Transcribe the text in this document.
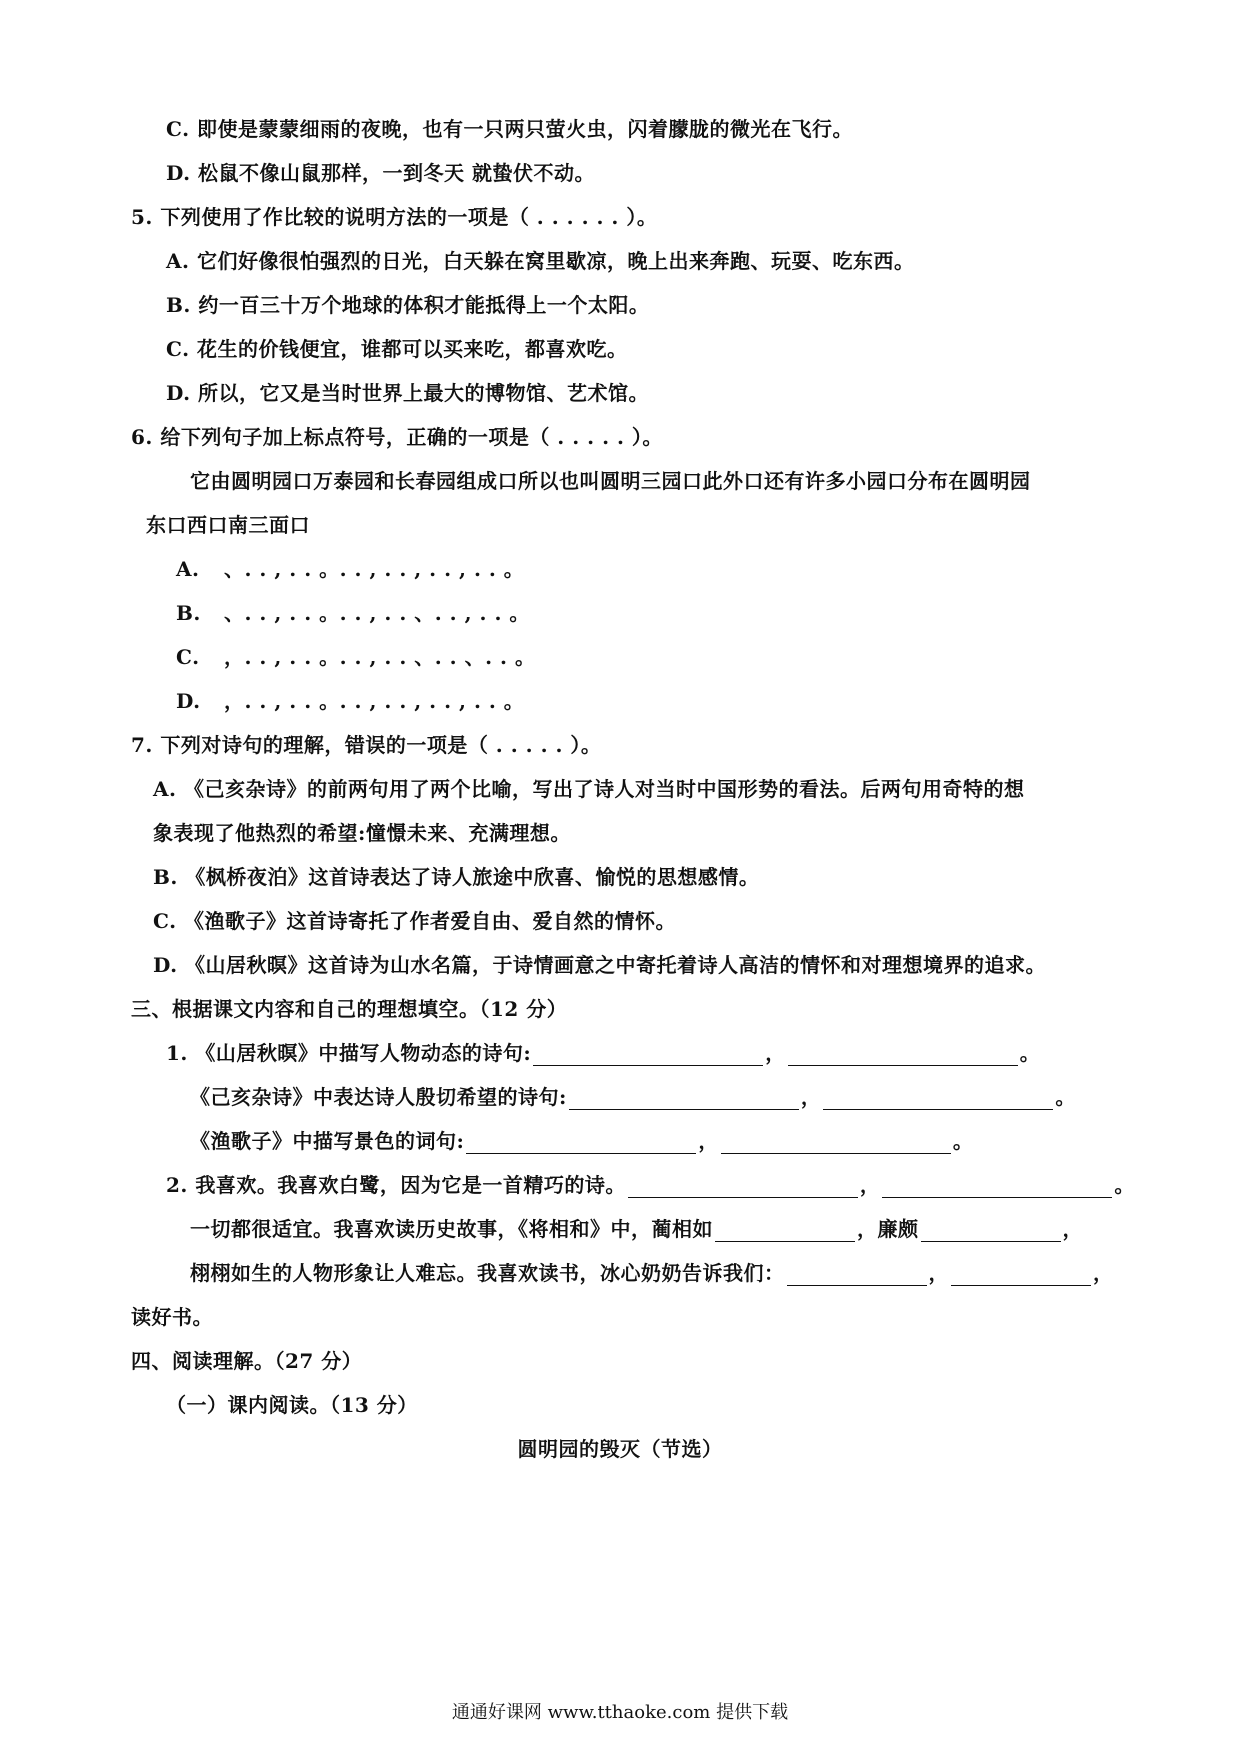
C. 即使是蒙蒙细雨的夜晚，也有一只两只萤火虫，闪着朦胧的微光在飞行。
D. 松鼠不像山鼠那样，一到冬天 就蛰伏不动。
5. 下列使用了作比较的说明方法的一项是（ . . . . . . ）。
A. 它们好像很怕强烈的日光，白天躲在窝里歇凉，晚上出来奔跑、玩耍、吃东西。
B. 约一百三十万个地球的体积才能抵得上一个太阳。
C. 花生的价钱便宜，谁都可以买来吃，都喜欢吃。
D. 所以，它又是当时世界上最大的博物馆、艺术馆。
6. 给下列句子加上标点符号，正确的一项是（ . . . . . ）。
它由圆明园口万泰园和长春园组成口所以也叫圆明三园口此外口还有许多小园口分布在圆明园
东口西口南三面口
A. 、. . , . . 。. . , . . , . . , . . 。
B. 、. . , . . 。. . , . . 、. . , . . 。
C. ，. . , . . 。. . , . . 、. . 、. . 。
D. ，. . , . . 。. . , . . , . . , . . 。
7. 下列对诗句的理解，错误的一项是（ . . . . . ）。
A. 《己亥杂诗》的前两句用了两个比喻，写出了诗人对当时中国形势的看法。后两句用奇特的想
象表现了他热烈的希望:憧憬未来、充满理想。
B. 《枫桥夜泊》这首诗表达了诗人旅途中欣喜、愉悦的思想感情。
C. 《渔歌子》这首诗寄托了作者爱自由、爱自然的情怀。
D. 《山居秋暝》这首诗为山水名篇，于诗情画意之中寄托着诗人高洁的情怀和对理想境界的追求。
三、根据课文内容和自己的理想填空。（12 分）
1. 《山居秋暝》中描写人物动态的诗句:	，	。
《己亥杂诗》中表达诗人殷切希望的诗句:	，	。
《渔歌子》中描写景色的词句:	，	。
2. 我喜欢。我喜欢白鹭，因为它是一首精巧的诗。	，	。
一切都很适宜。我喜欢读历史故事，《将相和》中，蔺相如	，廉颇	，
栩栩如生的人物形象让人难忘。我喜欢读书，冰心奶奶告诉我们：	，	，
读好书。
四、阅读理解。（27 分）
（一）课内阅读。（13 分）
圆明园的毁灭（节选）
通通好课网 www.tthaoke.com 提供下载
